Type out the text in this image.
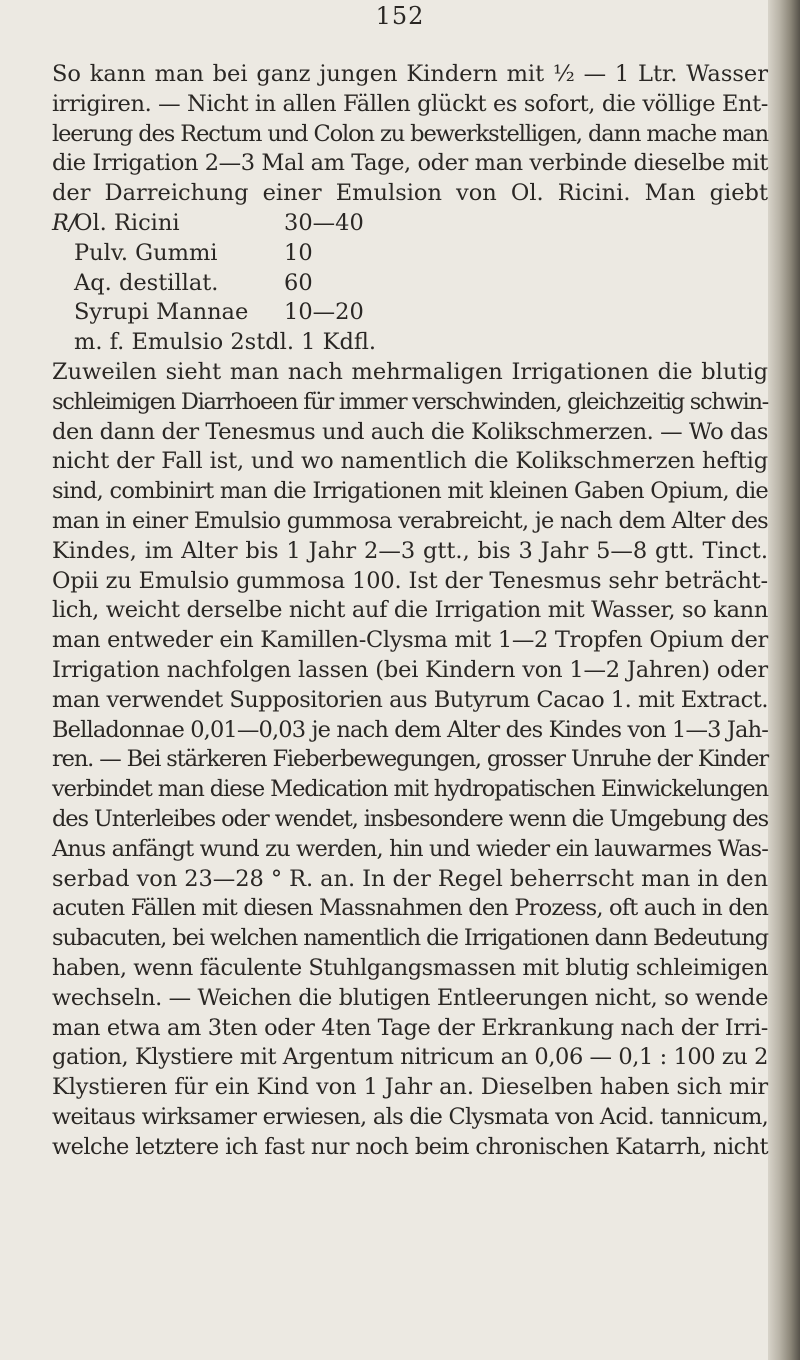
152
So kann man bei ganz jungen Kindern mit ½ — 1 Ltr. Wasser
irrigiren. — Nicht in allen Fällen glückt es sofort, die völlige Ent-
leerung des Rectum und Colon zu bewerkstelligen, dann mache man
die Irrigation 2—3 Mal am Tage, oder man verbinde dieselbe mit
der Darreichung einer Emulsion von Ol. Ricini. Man giebt
R/Ol. Ricini	30—40
Pulv. Gummi	10
Aq. destillat.	60
Syrupi Mannae	10—20
m. f. Emulsio 2stdl. 1 Kdfl.
Zuweilen sieht man nach mehrmaligen Irrigationen die blutig
schleimigen Diarrhoeen für immer verschwinden, gleichzeitig schwin-
den dann der Tenesmus und auch die Kolikschmerzen. — Wo das
nicht der Fall ist, und wo namentlich die Kolikschmerzen heftig
sind, combinirt man die Irrigationen mit kleinen Gaben Opium, die
man in einer Emulsio gummosa verabreicht, je nach dem Alter des
Kindes, im Alter bis 1 Jahr 2—3 gtt., bis 3 Jahr 5—8 gtt. Tinct.
Opii zu Emulsio gummosa 100. Ist der Tenesmus sehr beträcht-
lich, weicht derselbe nicht auf die Irrigation mit Wasser, so kann
man entweder ein Kamillen-Clysma mit 1—2 Tropfen Opium der
Irrigation nachfolgen lassen (bei Kindern von 1—2 Jahren) oder
man verwendet Suppositorien aus Butyrum Cacao 1. mit Extract.
Belladonnae 0,01—0,03 je nach dem Alter des Kindes von 1—3 Jah-
ren. — Bei stärkeren Fieberbewegungen, grosser Unruhe der Kinder
verbindet man diese Medication mit hydropatischen Einwickelungen
des Unterleibes oder wendet, insbesondere wenn die Umgebung des
Anus anfängt wund zu werden, hin und wieder ein lauwarmes Was-
serbad von 23—28 ° R. an. In der Regel beherrscht man in den
acuten Fällen mit diesen Massnahmen den Prozess, oft auch in den
subacuten, bei welchen namentlich die Irrigationen dann Bedeutung
haben, wenn fäculente Stuhlgangsmassen mit blutig schleimigen
wechseln. — Weichen die blutigen Entleerungen nicht, so wende
man etwa am 3ten oder 4ten Tage der Erkrankung nach der Irri-
gation, Klystiere mit Argentum nitricum an 0,06 — 0,1 : 100 zu 2
Klystieren für ein Kind von 1 Jahr an. Dieselben haben sich mir
weitaus wirksamer erwiesen, als die Clysmata von Acid. tannicum,
welche letztere ich fast nur noch beim chronischen Katarrh, nicht
